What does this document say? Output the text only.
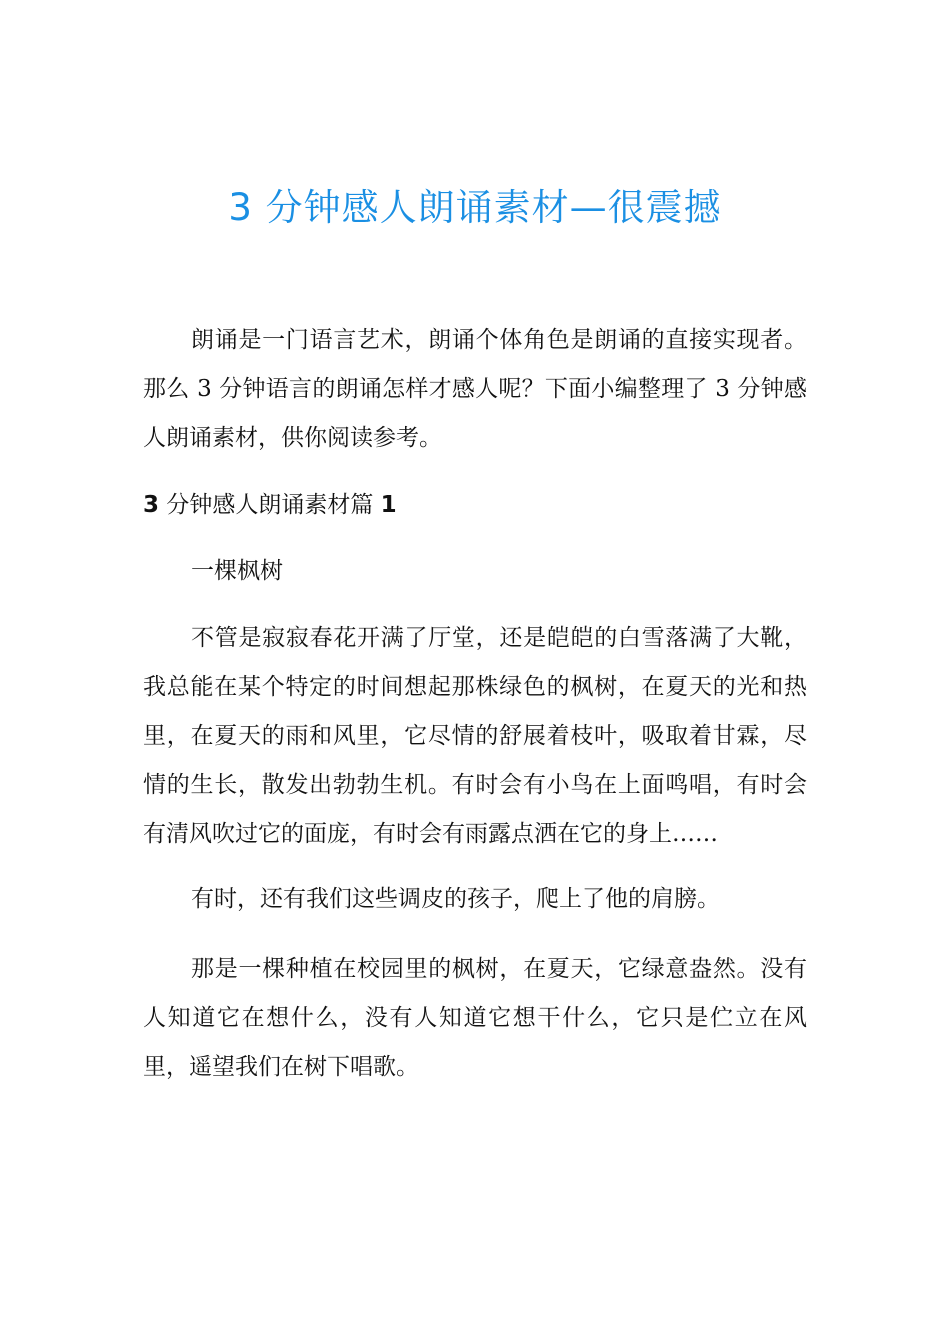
3 分钟感人朗诵素材—很震撼

朗诵是一门语言艺术，朗诵个体角色是朗诵的直接实现者。那么 3 分钟语言的朗诵怎样才感人呢？下面小编整理了 3 分钟感人朗诵素材，供你阅读参考。

3 分钟感人朗诵素材篇 1

一棵枫树

不管是寂寂春花开满了厅堂，还是皑皑的白雪落满了大靴，我总能在某个特定的时间想起那株绿色的枫树，在夏天的光和热里，在夏天的雨和风里，它尽情的舒展着枝叶，吸取着甘霖，尽情的生长，散发出勃勃生机。有时会有小鸟在上面鸣唱，有时会有清风吹过它的面庞，有时会有雨露点洒在它的身上……

有时，还有我们这些调皮的孩子，爬上了他的肩膀。

那是一棵种植在校园里的枫树，在夏天，它绿意盎然。没有人知道它在想什么，没有人知道它想干什么，它只是伫立在风里，遥望我们在树下唱歌。
